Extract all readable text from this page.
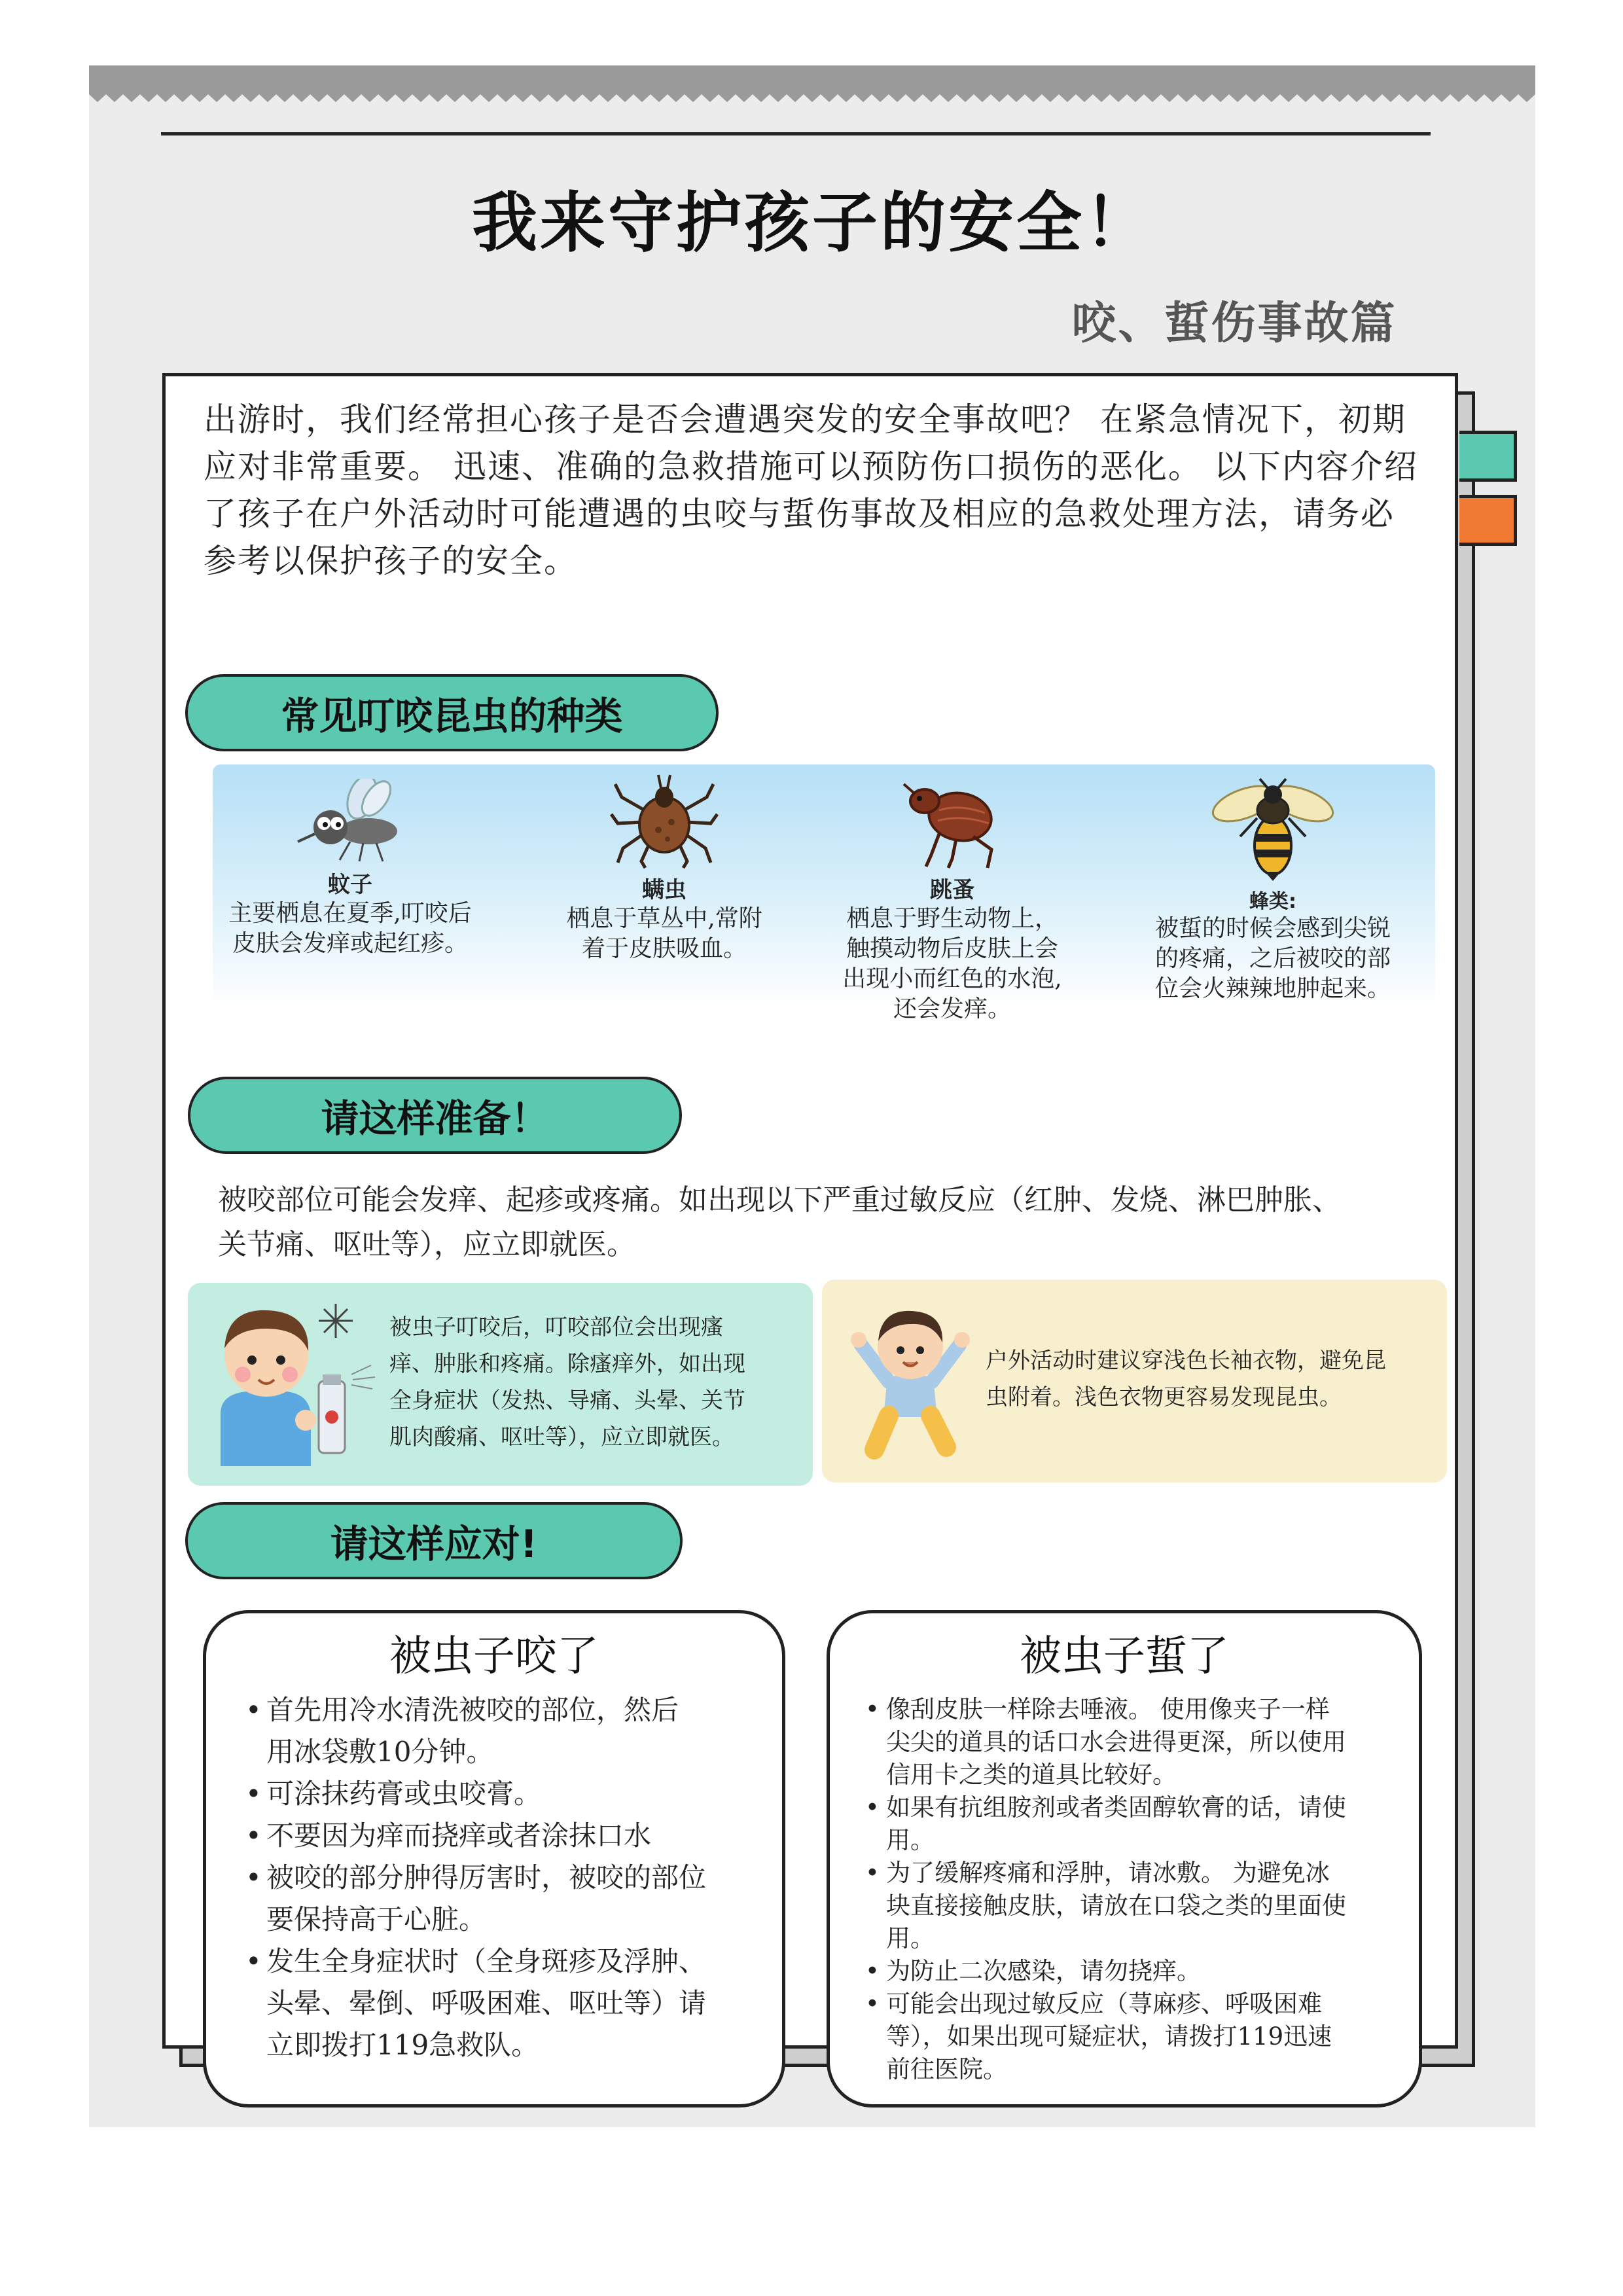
我来守护孩子的安全！
咬、蜇伤事故篇

出游时，我们经常担心孩子是否会遭遇突发的安全事故吧？ 在紧急情况下，初期应对非常重要。 迅速、准确的急救措施可以预防伤口损伤的恶化。 以下内容介绍了孩子在户外活动时可能遭遇的虫咬与蜇伤事故及相应的急救处理方法，请务必参考以保护孩子的安全。

常见叮咬昆虫的种类
蚊子
主要栖息在夏季,叮咬后
皮肤会发痒或起红疹。
螨虫
栖息于草丛中,常附
着于皮肤吸血。
跳蚤
栖息于野生动物上，
触摸动物后皮肤上会
出现小而红色的水泡,
还会发痒。
蜂类:
被蜇的时候会感到尖锐
的疼痛，之后被咬的部
位会火辣辣地肿起来。
请这样准备！
被咬部位可能会发痒、起疹或疼痛。如出现以下严重过敏反应（红肿、发烧、淋巴肿胀、
关节痛、呕吐等），应立即就医。
被虫子叮咬后，叮咬部位会出现瘙
痒、肿胀和疼痛。除瘙痒外，如出现
全身症状（发热、导痛、头晕、关节
肌肉酸痛、呕吐等），应立即就医。
户外活动时建议穿浅色长袖衣物，避免昆
虫附着。浅色衣物更容易发现昆虫。
请这样应对!
被虫子咬了
• 首先用冷水清洗被咬的部位，然后
用冰袋敷10分钟。
• 可涂抹药膏或虫咬膏。
• 不要因为痒而挠痒或者涂抹口水
• 被咬的部分肿得厉害时，被咬的部位
要保持高于心脏。
• 发生全身症状时（全身斑疹及浮肿、
头晕、晕倒、呼吸困难、呕吐等）请
立即拨打119急救队。
被虫子蜇了
• 像刮皮肤一样除去唾液。 使用像夹子一样
尖尖的道具的话口水会进得更深，所以使用
信用卡之类的道具比较好。
• 如果有抗组胺剂或者类固醇软膏的话，请使
用。
• 为了缓解疼痛和浮肿，请冰敷。 为避免冰
块直接接触皮肤，请放在口袋之类的里面使
用。
• 为防止二次感染，请勿挠痒。
• 可能会出现过敏反应（荨麻疹、呼吸困难
等），如果出现可疑症状，请拨打119迅速
前往医院。
